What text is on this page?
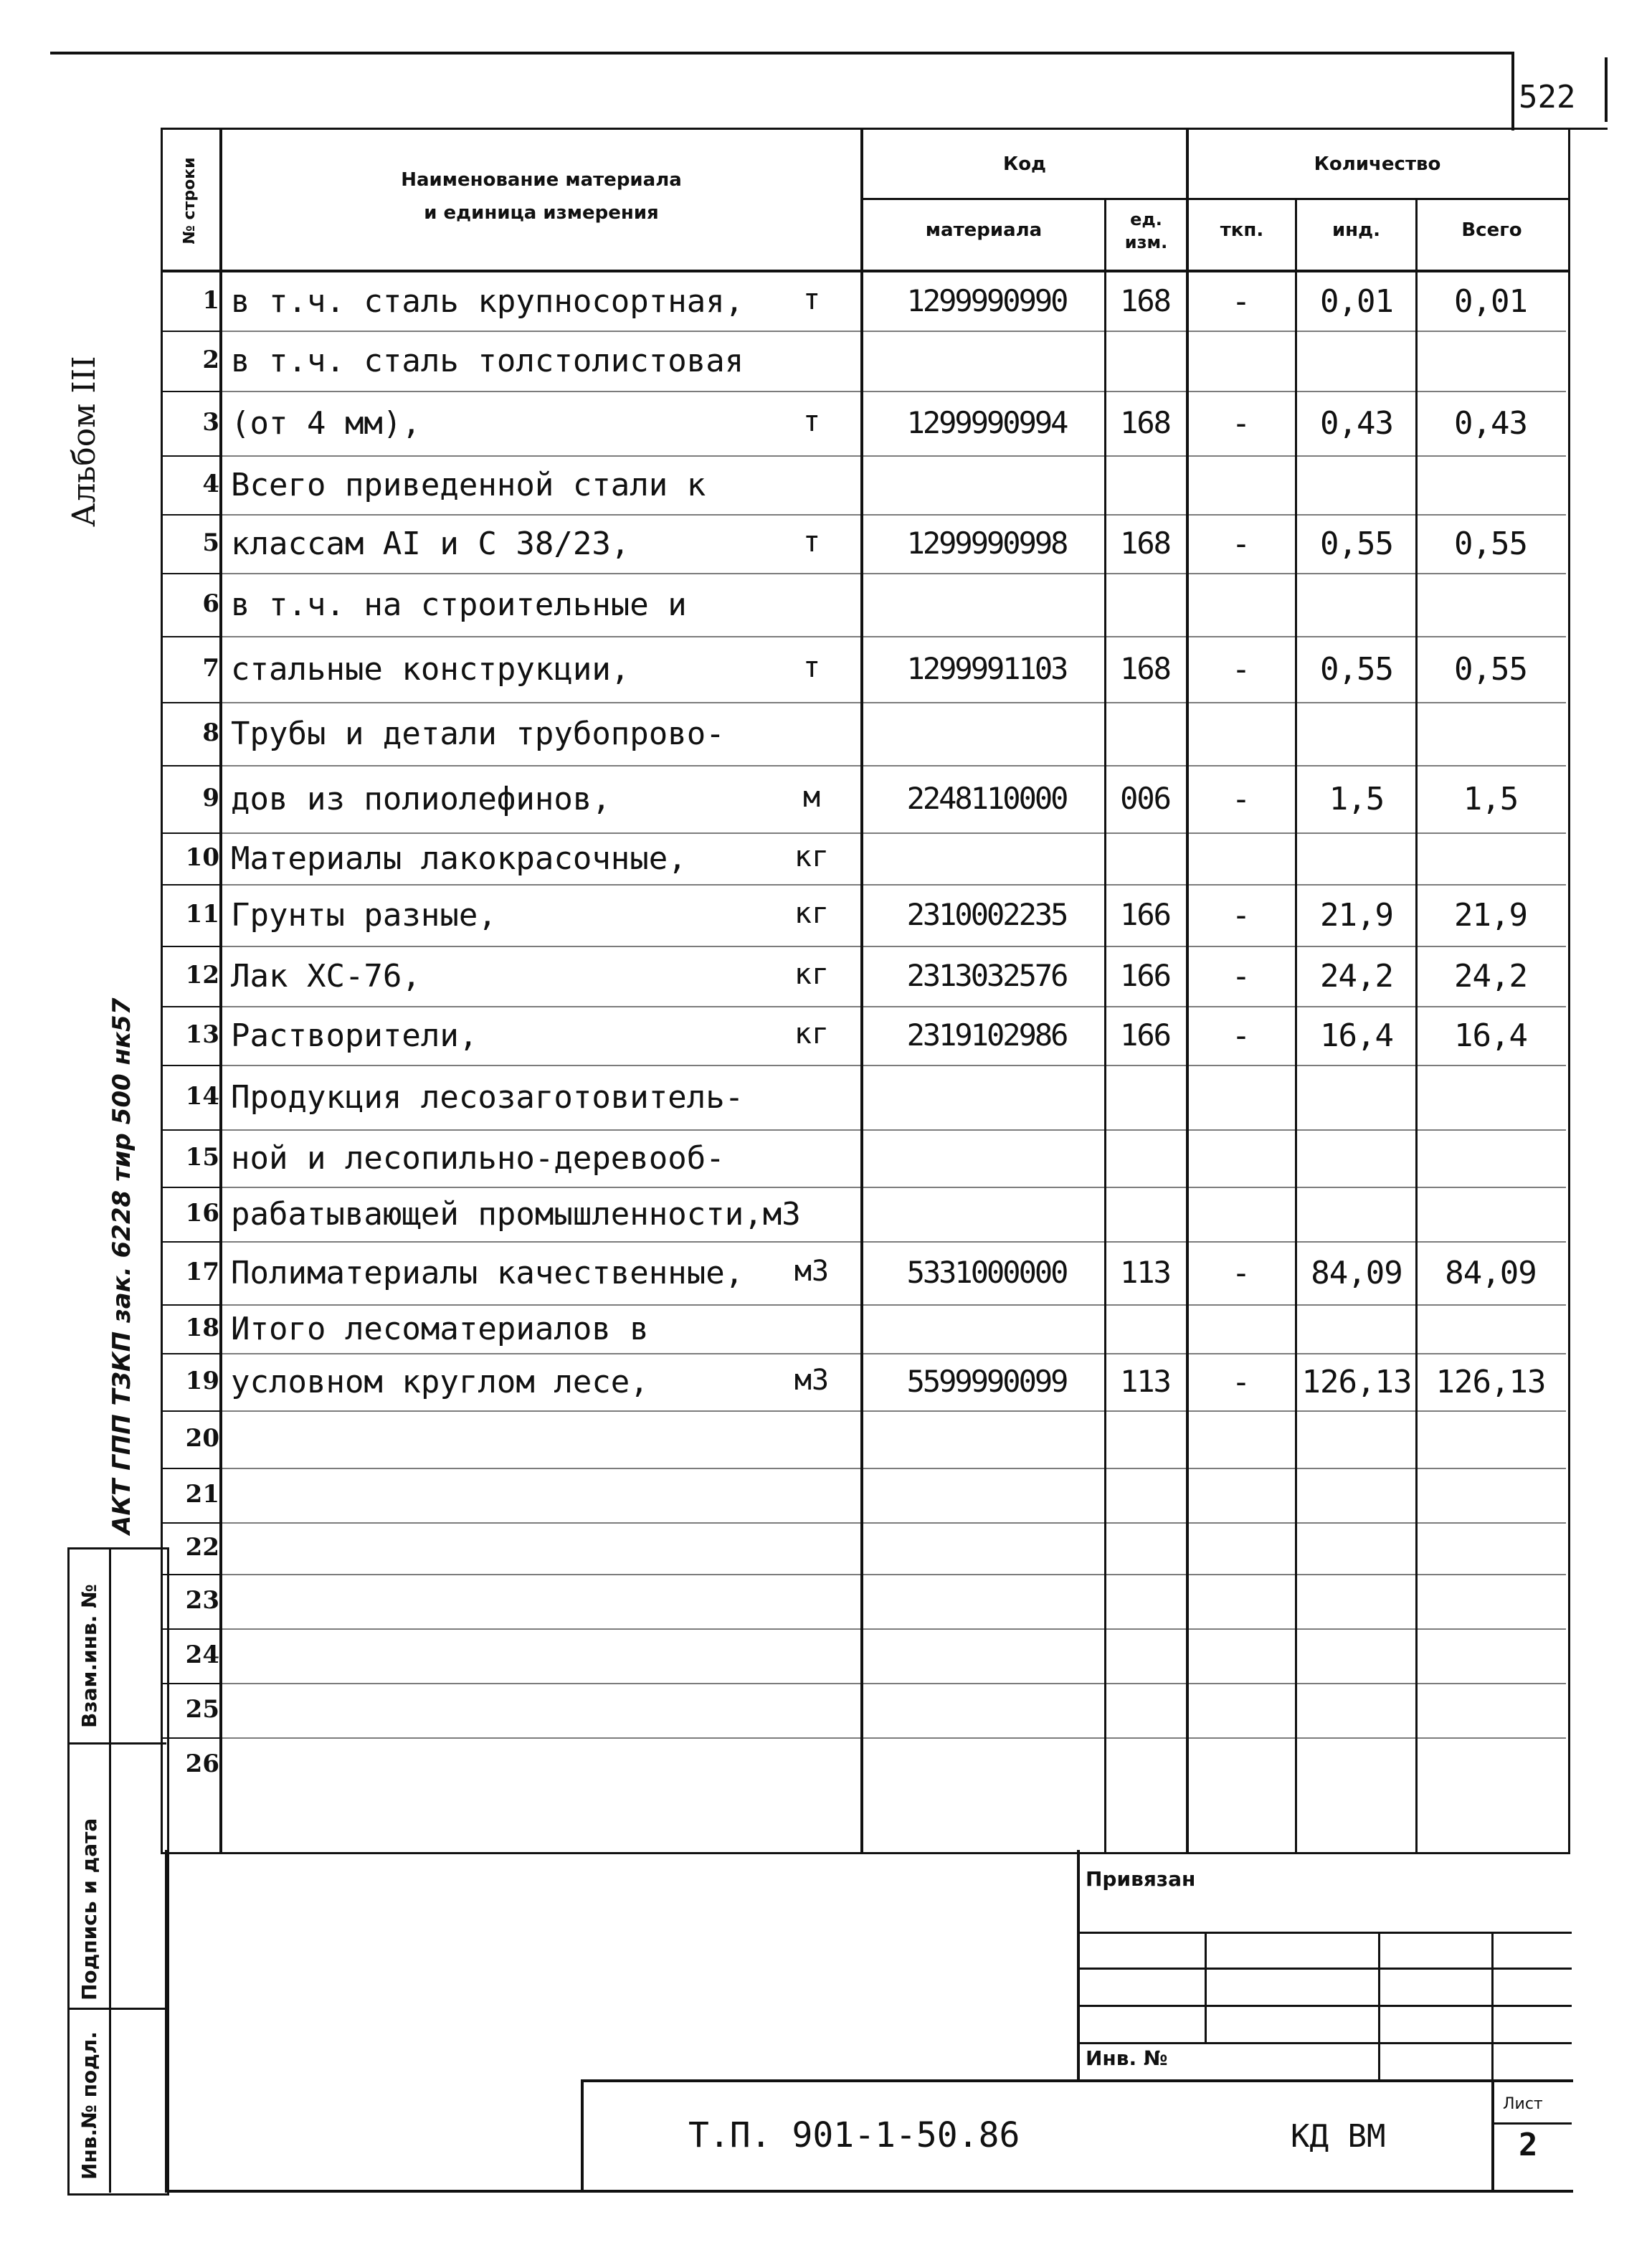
522
Альбом III
АКТ ГПП ТЗКП зак. 6228 тир 500 нк57
№ строки	Наименование материала
и единица измерения
Код
материала	ед. изм.
Количество
ткп.	инд.	Всего
1 в т.ч. сталь крупносортная,	т	1299990990	168	-	0,01	0,01
2 в т.ч. сталь толстолистовая
3 (от 4 мм),	т	1299990994	168	-	0,43	0,43
4 Всего приведенной стали к
5 классам АI и С 38/23,	т	1299990998	168	-	0,55	0,55
6 в т.ч. на строительные и
7 стальные конструкции,	т	1299991103	168	-	0,55	0,55
8 Трубы и детали трубопрово-
9 дов из полиолефинов,	м	2248110000	006	-	1,5	1,5
10 Материалы лакокрасочные,	кг
11 Грунты разные,	кг	2310002235	166	-	21,9	21,9
12 Лак ХС-76,	кг	2313032576	166	-	24,2	24,2
13 Растворители,	кг	2319102986	166	-	16,4	16,4
14 Продукция лесозаготовитель-
15 ной и лесопильно-деревооб-
16 рабатывающей промышленности,м3
17 Полиматериалы качественные,	м3	5331000000	113	-	84,09	84,09
18 Итого лесоматериалов в
19 условном круглом лесе,	м3	5599990099	113	-	126,13 126,13
20
21
22
23
24
25
26
Взам.инв. №
Подпись и дата
Инв.№ подл.
Привязан
Инв. №
Т.П. 901-1-50.86	КД ВМ
Лист
2
